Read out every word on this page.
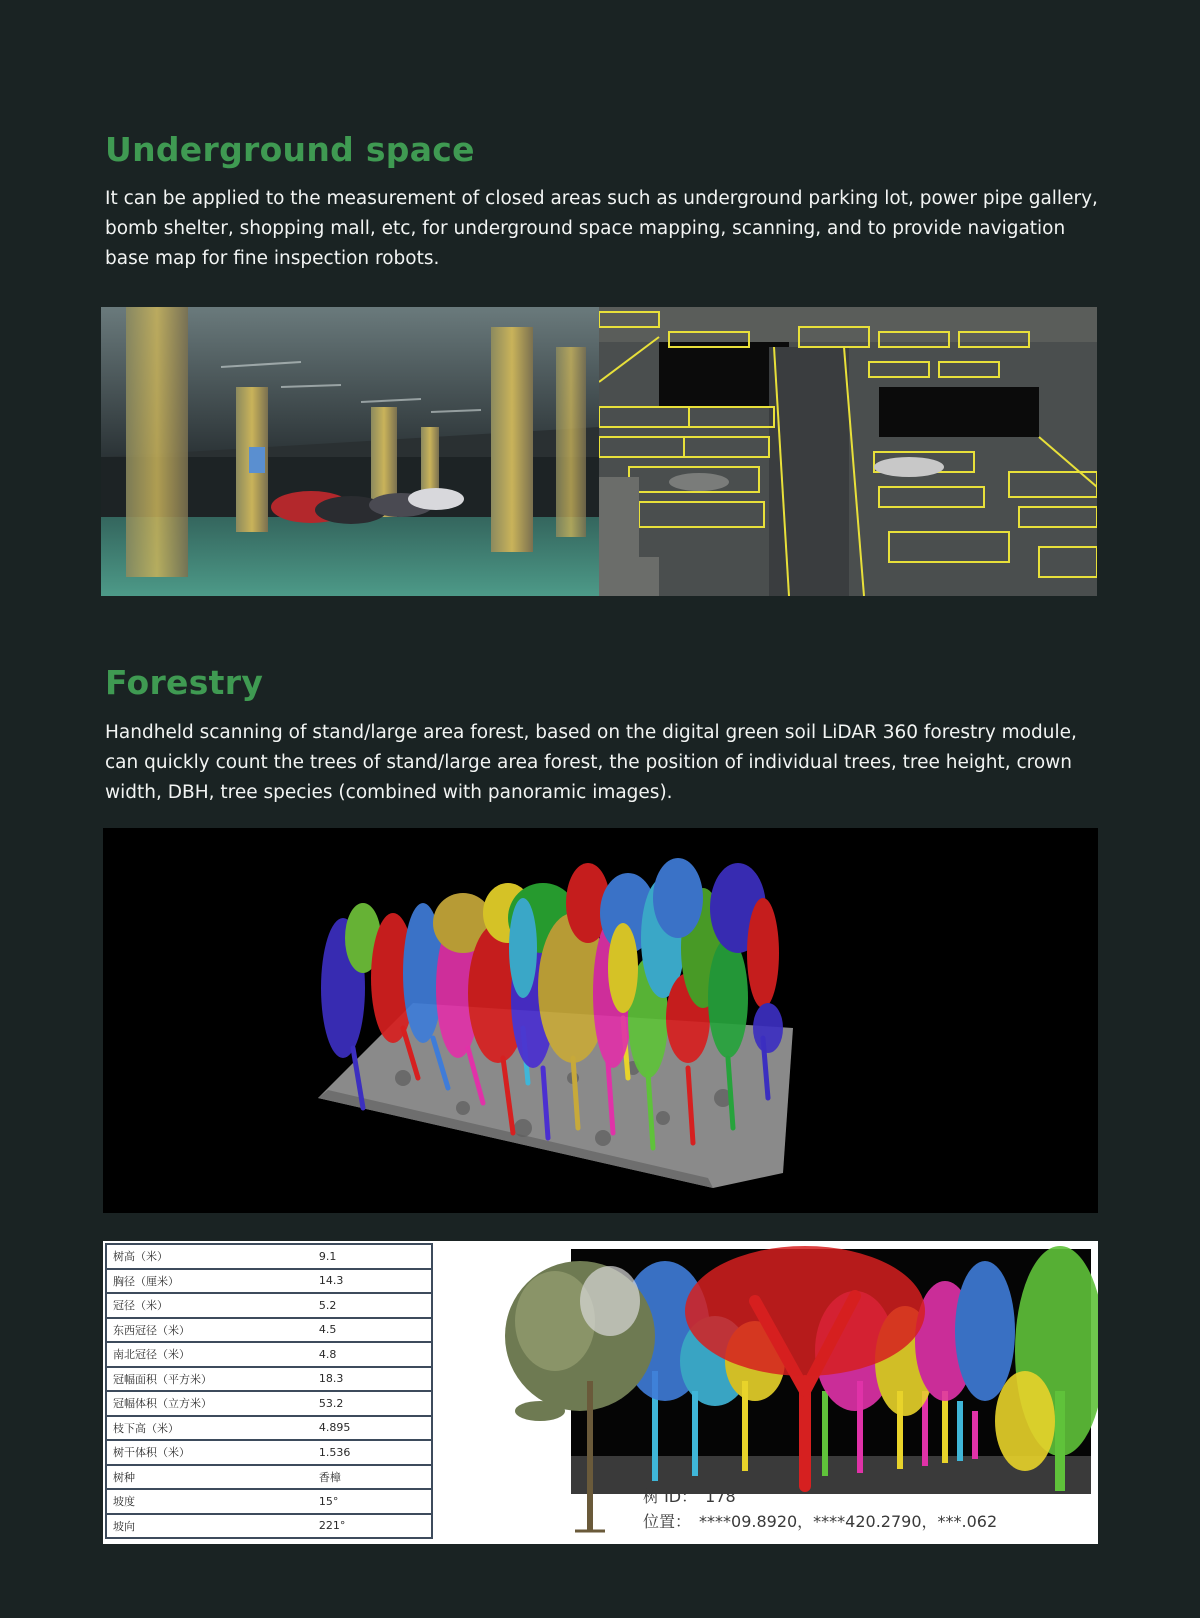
Underground space

It can be applied to the measurement of closed areas such as underground parking lot, power pipe gallery, bomb shelter, shopping mall, etc, for underground space mapping, scanning, and to provide navigation base map for fine inspection robots.

Forestry

Handheld scanning of stand/large area forest, based on the digital green soil LiDAR 360 forestry module, can quickly count the trees of stand/large area forest, the position of individual trees, tree height, crown width, DBH, tree species (combined with panoramic images).

树高（米）	9.1
胸径（厘米）	14.3
冠径（米）	5.2
东西冠径（米）	4.5
南北冠径（米）	4.8
冠幅面积（平方米）	18.3
冠幅体积（立方米）	53.2
枝下高（米）	4.895
树干体积（米）	1.536
树种	香樟
坡度	15°
坡向	221°
树 ID： 178
位置： ****09.8920，****420.2790，***.062
